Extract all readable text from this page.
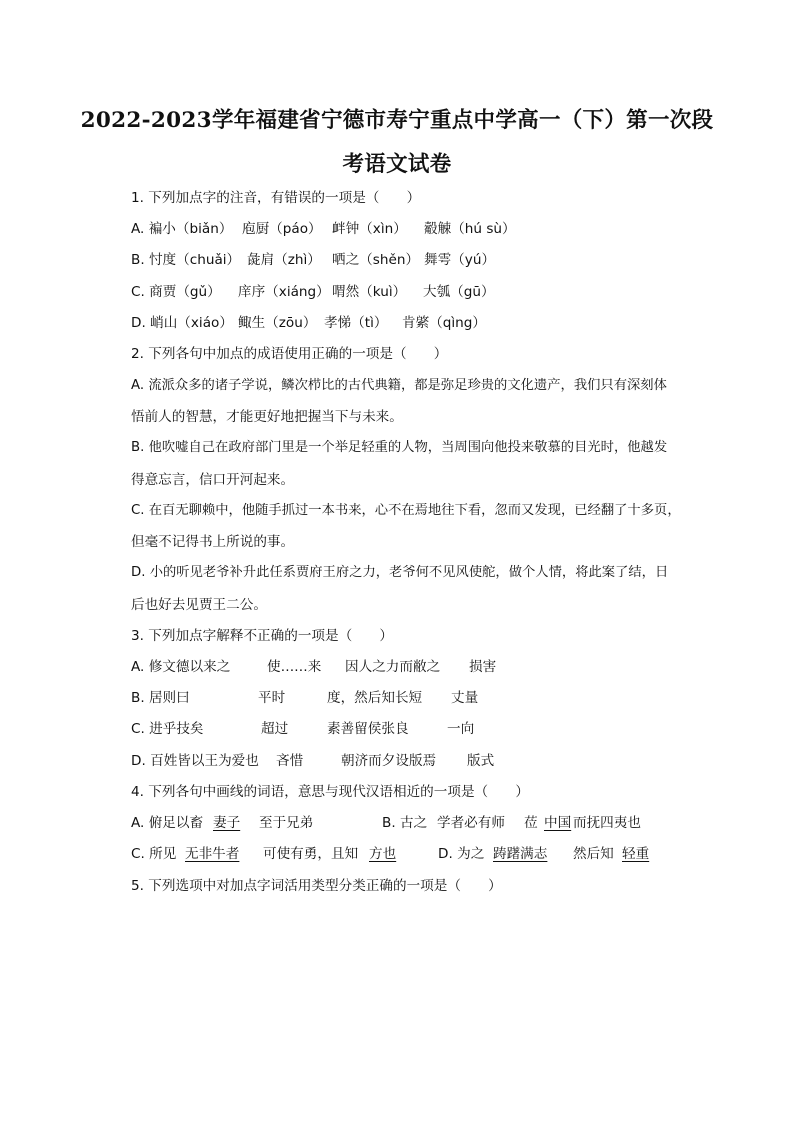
2022-2023学年福建省宁德市寿宁重点中学高一（下）第一次段
考语文试卷
1. 下列加点字的注音，有错误的一项是（　　）
A. 褊小（biǎn） 庖厨（páo） 衅钟（xìn） 觳觫（hú sù）
B. 忖度（chuǎi） 彘肩（zhì） 哂之（shěn） 舞雩（yú）
C. 商贾（gǔ） 庠序（xiáng） 喟然（kuì） 大瓠（gū）
D. 峭山（xiáo） 鲰生（zōu） 孝悌（tì） 肯綮（qìng）
2. 下列各句中加点的成语使用正确的一项是（　　）
A. 流派众多的诸子学说，鳞次栉比的古代典籍，都是弥足珍贵的文化遗产，我们只有深刻体
悟前人的智慧，才能更好地把握当下与未来。
B. 他吹嘘自己在政府部门里是一个举足轻重的人物，当周围向他投来敬慕的目光时，他越发
得意忘言，信口开河起来。
C. 在百无聊赖中，他随手抓过一本书来，心不在焉地往下看，忽而又发现，已经翻了十多页，
但毫不记得书上所说的事。
D. 小的听见老爷补升此任系贾府王府之力，老爷何不见风使舵，做个人情，将此案了结，日
后也好去见贾王二公。
3. 下列加点字解释不正确的一项是（　　）
A. 修文德以来之	使……来 因人之力而敝之 损害
B. 居则曰	平时	度，然后知长短 丈量
C. 进乎技矣	超过	素善留侯张良	一向
D. 百姓皆以王为爱也 吝惜	朝济而夕设版焉 版式
4. 下列各句中画线的词语，意思与现代汉语相近的一项是（　　）
A. 俯足以畜 妻子 至于兄弟	B. 古之 学者必有师 莅 中国 而抚四夷也
C. 所见 无非牛者 可使有勇，且知 方也	D. 为之 踌躇满志 然后知 轻重
5. 下列选项中对加点字词活用类型分类正确的一项是（　　）
